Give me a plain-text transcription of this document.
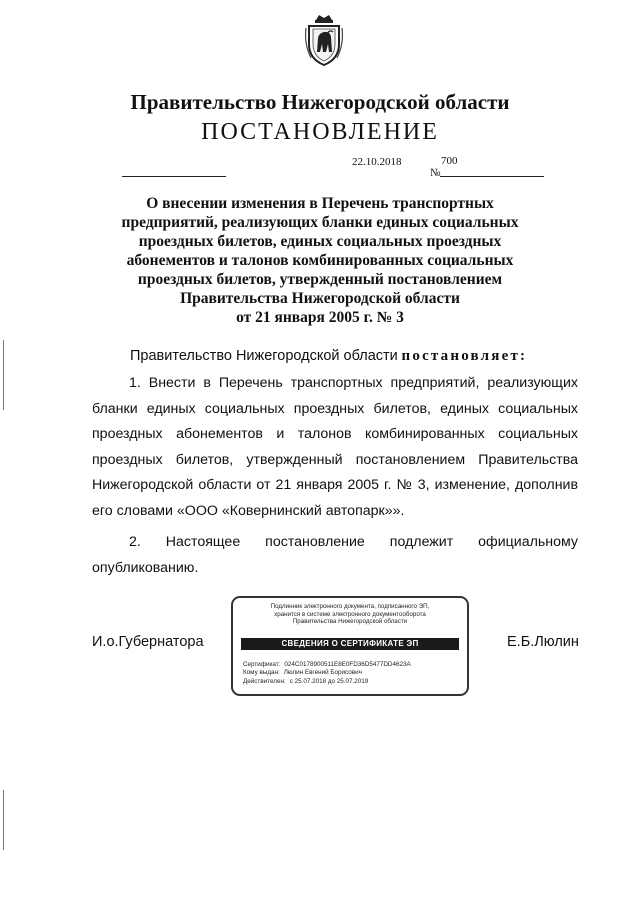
Правительство Нижегородской области
ПОСТАНОВЛЕНИЕ
22.10.2018
№
700
О внесении изменения в Перечень транспортных
предприятий, реализующих бланки единых социальных
проездных билетов, единых социальных проездных
абонементов и талонов комбинированных социальных
проездных билетов, утвержденный постановлением
Правительства Нижегородской области
от 21 января 2005 г. № 3
Правительство Нижегородской области постановляет:
1. Внести в Перечень транспортных предприятий, реализующих бланки единых социальных проездных билетов, единых социальных проездных абонементов и талонов комбинированных социальных проездных билетов, утвержденный постановлением Правительства Нижегородской области от 21 января 2005 г. № 3, изменение, дополнив его словами «ООО «Ковернинский автопарк»».
2. Настоящее постановление подлежит официальному опубликованию.
И.о.Губернатора
Подлинник электронного документа, подписанного ЭП,
хранится в системе электронного документооборота
Правительства Нижегородской области
СВЕДЕНИЯ О СЕРТИФИКАТЕ ЭП
Сертификат: 024C0178900511E8E0FD36D5477DD4623A
Кому выдан: Люлин Евгений Борисович
Действителен: с 25.07.2018 до 25.07.2019
Е.Б.Люлин
